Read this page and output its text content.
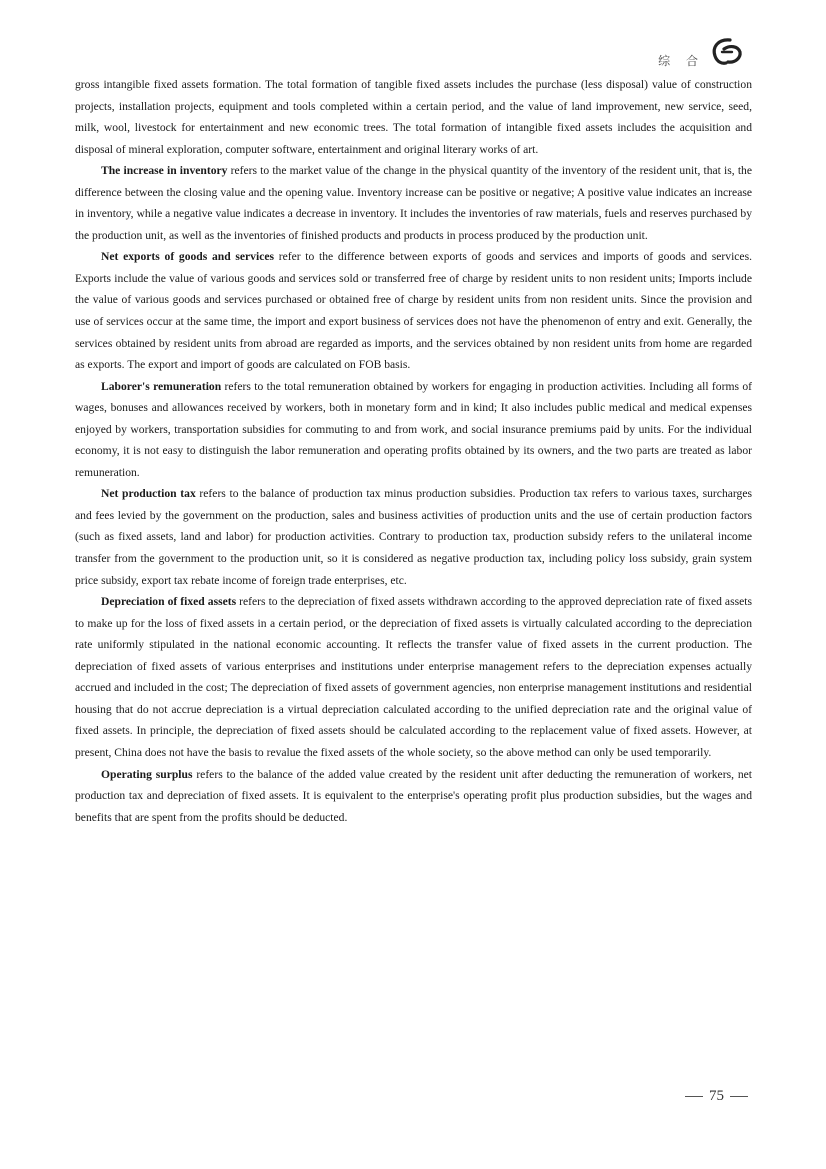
综 合

gross intangible fixed assets formation. The total formation of tangible fixed assets includes the purchase (less disposal) value of construction projects, installation projects, equipment and tools completed within a certain period, and the value of land improvement, new service, seed, milk, wool, livestock for entertainment and new economic trees. The total formation of intangible fixed assets includes the acquisition and disposal of mineral exploration, computer software, entertainment and original literary works of art.

The increase in inventory refers to the market value of the change in the physical quantity of the inventory of the resident unit, that is, the difference between the closing value and the opening value. Inventory increase can be positive or negative; A positive value indicates an increase in inventory, while a negative value indicates a decrease in inventory. It includes the inventories of raw materials, fuels and reserves purchased by the production unit, as well as the inventories of finished products and products in process produced by the production unit.

Net exports of goods and services refer to the difference between exports of goods and services and imports of goods and services. Exports include the value of various goods and services sold or transferred free of charge by resident units to non resident units; Imports include the value of various goods and services purchased or obtained free of charge by resident units from non resident units. Since the provision and use of services occur at the same time, the import and export business of services does not have the phenomenon of entry and exit. Generally, the services obtained by resident units from abroad are regarded as imports, and the services obtained by non resident units from home are regarded as exports. The export and import of goods are calculated on FOB basis.

Laborer's remuneration refers to the total remuneration obtained by workers for engaging in production activities. Including all forms of wages, bonuses and allowances received by workers, both in monetary form and in kind; It also includes public medical and medical expenses enjoyed by workers, transportation subsidies for commuting to and from work, and social insurance premiums paid by units. For the individual economy, it is not easy to distinguish the labor remuneration and operating profits obtained by its owners, and the two parts are treated as labor remuneration.

Net production tax refers to the balance of production tax minus production subsidies. Production tax refers to various taxes, surcharges and fees levied by the government on the production, sales and business activities of production units and the use of certain production factors (such as fixed assets, land and labor) for production activities. Contrary to production tax, production subsidy refers to the unilateral income transfer from the government to the production unit, so it is considered as negative production tax, including policy loss subsidy, grain system price subsidy, export tax rebate income of foreign trade enterprises, etc.

Depreciation of fixed assets refers to the depreciation of fixed assets withdrawn according to the approved depreciation rate of fixed assets to make up for the loss of fixed assets in a certain period, or the depreciation of fixed assets is virtually calculated according to the depreciation rate uniformly stipulated in the national economic accounting. It reflects the transfer value of fixed assets in the current production. The depreciation of fixed assets of various enterprises and institutions under enterprise management refers to the depreciation expenses actually accrued and included in the cost; The depreciation of fixed assets of government agencies, non enterprise management institutions and residential housing that do not accrue depreciation is a virtual depreciation calculated according to the unified depreciation rate and the original value of fixed assets. In principle, the depreciation of fixed assets should be calculated according to the replacement value of fixed assets. However, at present, China does not have the basis to revalue the fixed assets of the whole society, so the above method can only be used temporarily.

Operating surplus refers to the balance of the added value created by the resident unit after deducting the remuneration of workers, net production tax and depreciation of fixed assets. It is equivalent to the enterprise's operating profit plus production subsidies, but the wages and benefits that are spent from the profits should be deducted.

75
